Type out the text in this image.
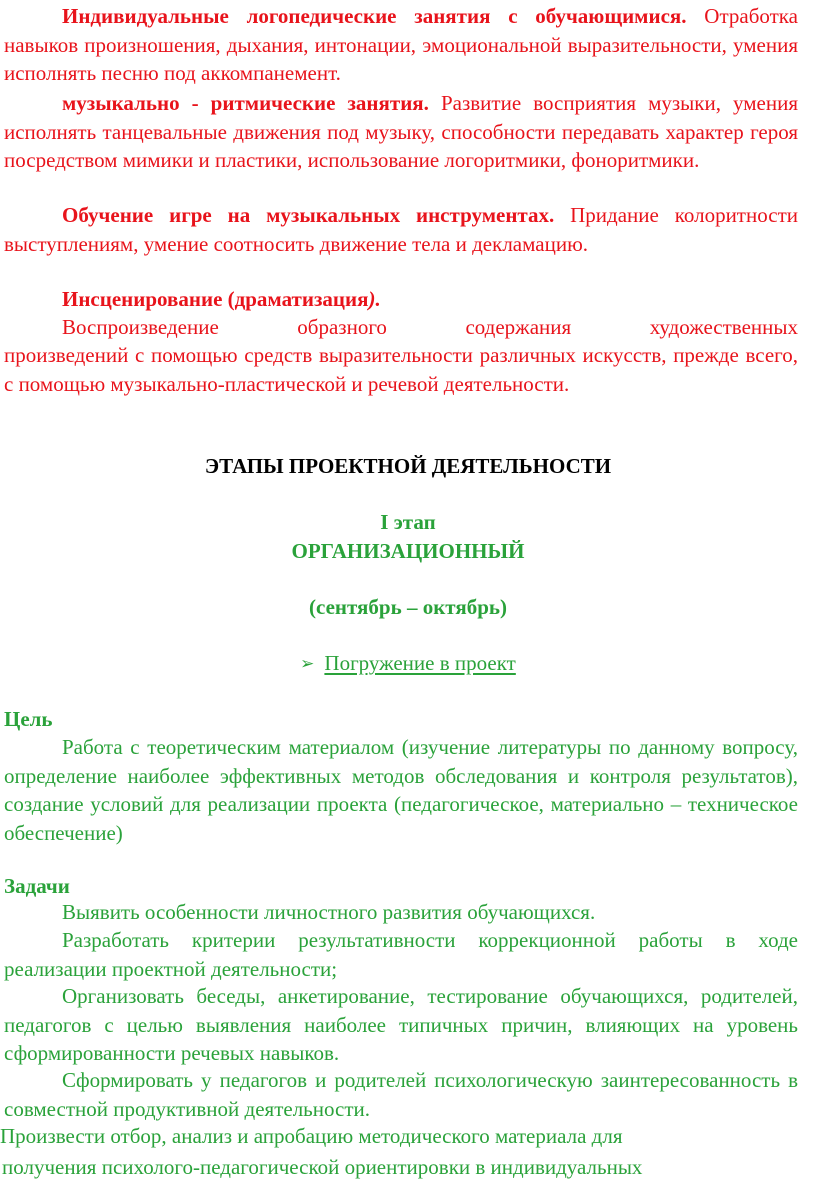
Индивидуальные логопедические занятия с обучающимися. Отработка навыков произношения, дыхания, интонации, эмоциональной выразительности, умения исполнять песню под аккомпанемент.

музыкально - ритмические занятия. Развитие восприятия музыки, умения исполнять танцевальные движения под музыку, способности передавать характер героя посредством мимики и пластики, использование логоритмики, фоноритмики.

Обучение игре на музыкальных инструментах. Придание колоритности выступлениям, умение соотносить движение тела и декламацию.

Инсценирование (драматизация).

Воспроизведение образного содержания художественных

произведений с помощью средств выразительности различных искусств, прежде всего, с помощью музыкально-пластической и речевой деятельности.

ЭТАПЫ ПРОЕКТНОЙ ДЕЯТЕЛЬНОСТИ

I этап

ОРГАНИЗАЦИОННЫЙ

(сентябрь – октябрь)

➢ Погружение в проект

Цель

Работа с теоретическим материалом (изучение литературы по данному вопросу, определение наиболее эффективных методов обследования и контроля результатов), создание условий для реализации проекта (педагогическое, материально – техническое обеспечение)

Задачи

Выявить особенности личностного развития обучающихся.

Разработать критерии результативности коррекционной работы в ходе реализации проектной деятельности;

Организовать беседы, анкетирование, тестирование обучающихся, родителей, педагогов с целью выявления наиболее типичных причин, влияющих на уровень сформированности речевых навыков.

Сформировать у педагогов и родителей психологическую заинтересованность в совместной продуктивной деятельности.

Произвести отбор, анализ и апробацию методического материала для

получения психолого-педагогической ориентировки в индивидуальных
